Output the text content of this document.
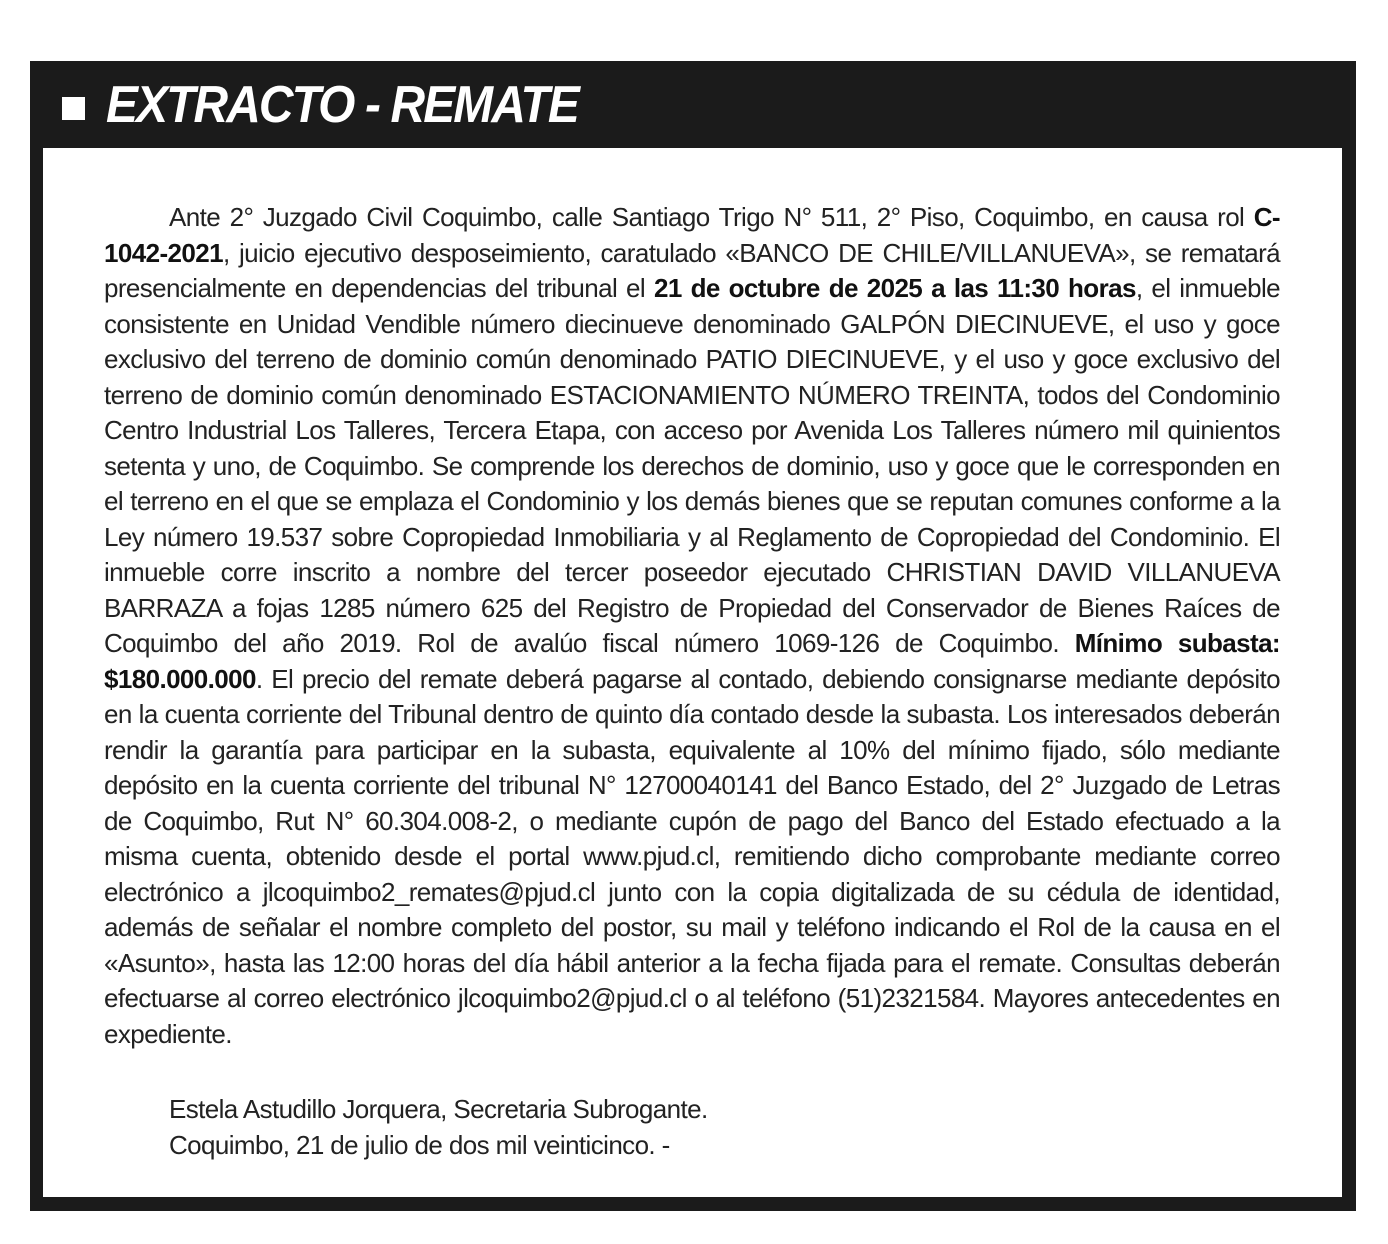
EXTRACTO - REMATE

Ante 2° Juzgado Civil Coquimbo, calle Santiago Trigo N° 511, 2° Piso, Coquimbo, en causa rol C-1042-2021, juicio ejecutivo desposeimiento, caratulado «BANCO DE CHILE/VILLANUEVA», se rematará presencialmente en dependencias del tribunal el 21 de octubre de 2025 a las 11:30 horas, el inmueble consistente en Unidad Vendible número diecinueve denominado GALPÓN DIECINUEVE, el uso y goce exclusivo del terreno de dominio común denominado PATIO DIECINUEVE, y el uso y goce exclusivo del terreno de dominio común denominado ESTACIONAMIENTO NÚMERO TREINTA, todos del Condominio Centro Industrial Los Talleres, Tercera Etapa, con acceso por Avenida Los Talleres número mil quinientos setenta y uno, de Coquimbo. Se comprende los derechos de dominio, uso y goce que le corresponden en el terreno en el que se emplaza el Condominio y los demás bienes que se reputan comunes conforme a la Ley número 19.537 sobre Copropiedad Inmobiliaria y al Reglamento de Copropiedad del Condominio. El inmueble corre inscrito a nombre del tercer poseedor ejecutado CHRISTIAN DAVID VILLANUEVA BARRAZA a fojas 1285 número 625 del Registro de Propiedad del Conservador de Bienes Raíces de Coquimbo del año 2019. Rol de avalúo fiscal número 1069-126 de Coquimbo. Mínimo subasta: $180.000.000. El precio del remate deberá pagarse al contado, debiendo consignarse mediante depósito en la cuenta corriente del Tribunal dentro de quinto día contado desde la subasta. Los interesados deberán rendir la garantía para participar en la subasta, equivalente al 10% del mínimo fijado, sólo mediante depósito en la cuenta corriente del tribunal N° 12700040141 del Banco Estado, del 2° Juzgado de Letras de Coquimbo, Rut N° 60.304.008-2, o mediante cupón de pago del Banco del Estado efectuado a la misma cuenta, obtenido desde el portal www.pjud.cl, remitiendo dicho comprobante mediante correo electrónico a jlcoquimbo2_remates@pjud.cl junto con la copia digitalizada de su cédula de identidad, además de señalar el nombre completo del postor, su mail y teléfono indicando el Rol de la causa en el «Asunto», hasta las 12:00 horas del día hábil anterior a la fecha fijada para el remate. Consultas deberán efectuarse al correo electrónico jlcoquimbo2@pjud.cl o al teléfono (51)2321584. Mayores antecedentes en expediente.

Estela Astudillo Jorquera, Secretaria Subrogante.
Coquimbo, 21 de julio de dos mil veinticinco. -
